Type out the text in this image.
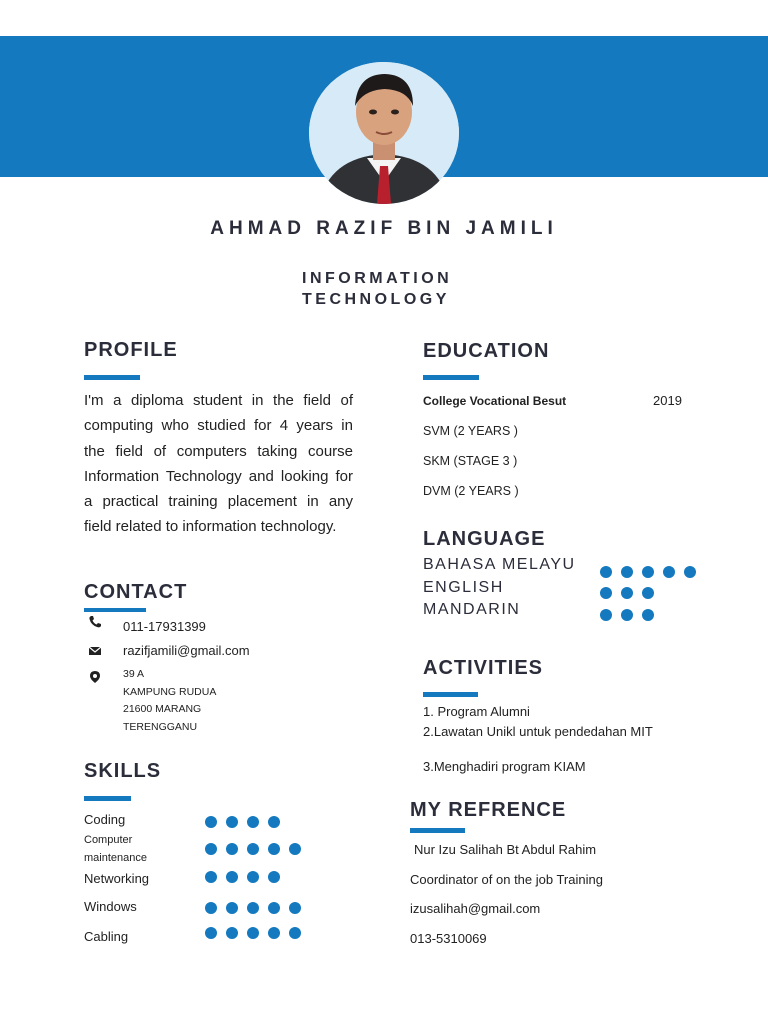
AHMAD RAZIF BIN JAMILI
INFORMATION
TECHNOLOGY
PROFILE
I'm a diploma student in the field of computing who studied for 4 years in the field of computers taking course Information Technology and looking for a practical training placement in any field related to information technology.
CONTACT
011-17931399
razifjamili@gmail.com
39 A
KAMPUNG RUDUA
21600 MARANG
TERENGGANU
SKILLS
Coding
Computer maintenance
Networking
Windows
Cabling
EDUCATION
College Vocational Besut	2019
SVM (2 YEARS )
SKM (STAGE 3 )
DVM (2 YEARS )
LANGUAGE
BAHASA MELAYU
ENGLISH
MANDARIN
ACTIVITIES
1. Program Alumni
2.Lawatan Unikl untuk pendedahan MIT
3.Menghadiri program KIAM
MY REFRENCE
Nur Izu Salihah Bt Abdul Rahim
Coordinator of on the job Training
izusalihah@gmail.com
013-5310069
